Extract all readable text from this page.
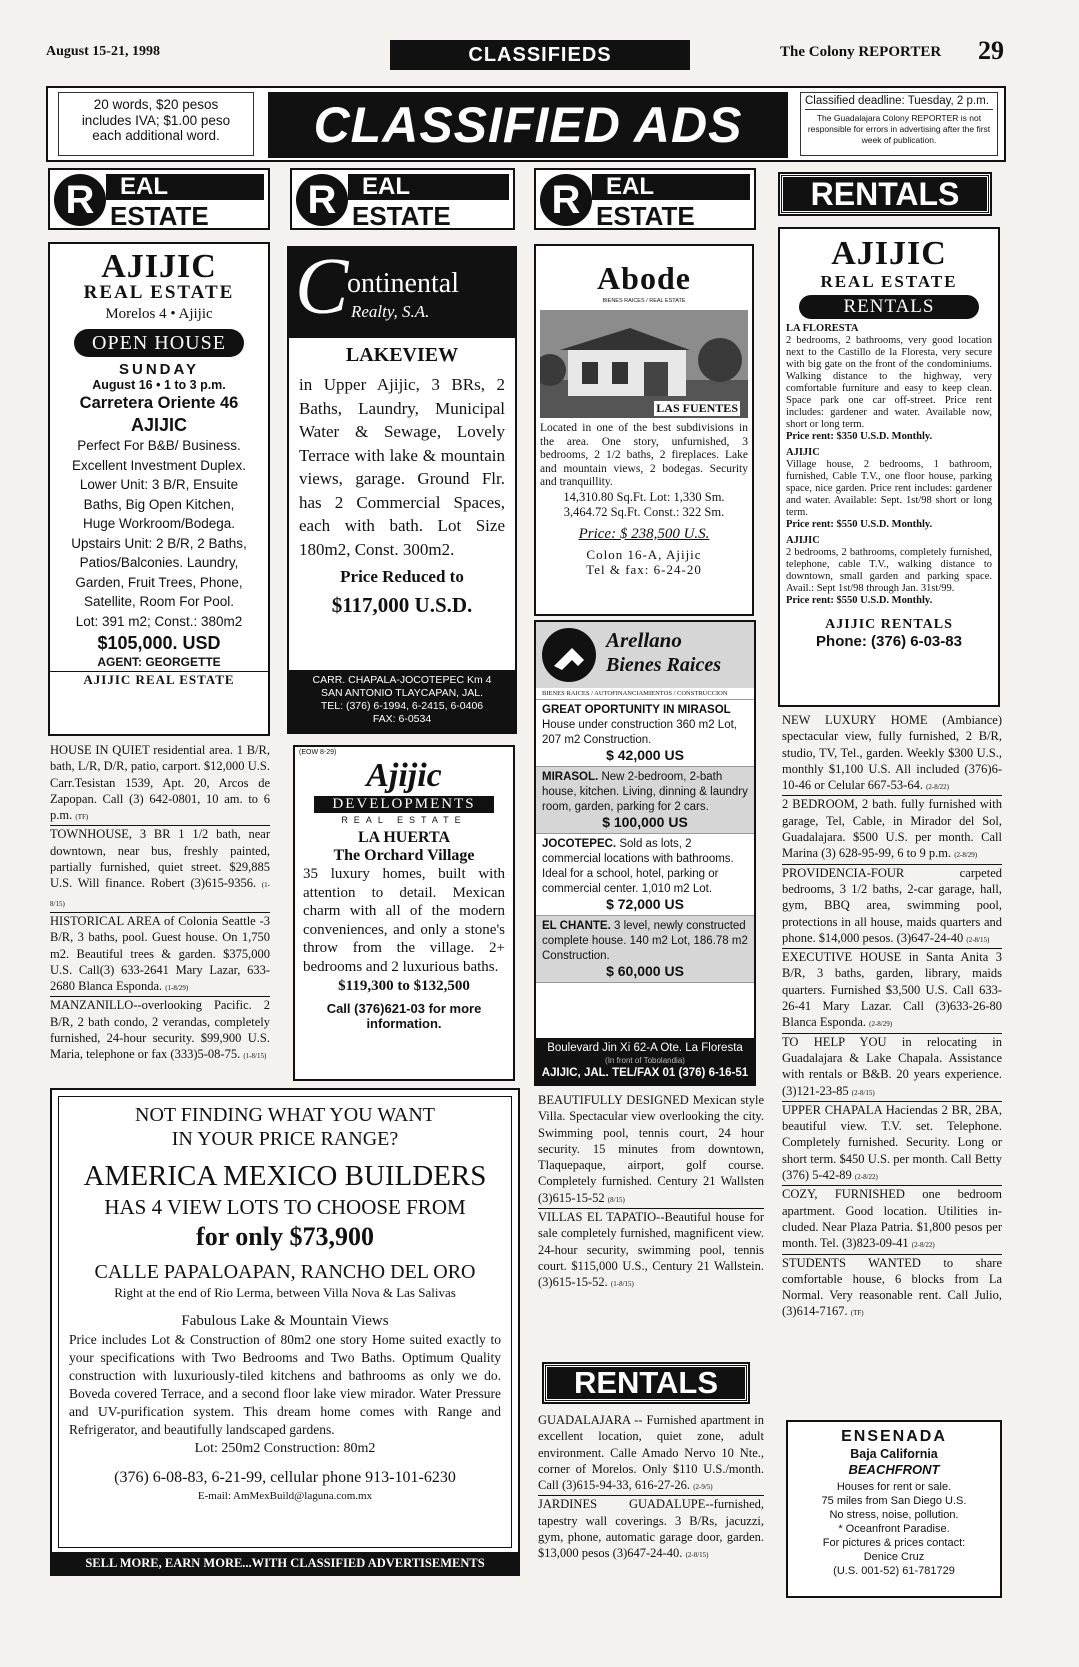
August 15-21, 1998	CLASSIFIEDS	The Colony REPORTER 29
20 words, $20 pesos
includes IVA; $1.00 peso
each additional word.	CLASSIFIED ADS	Classified deadline: Tuesday, 2 p.m.
The Guadalajara Colony REPORTER is not responsible for errors in advertising after the first week of publication.
R	EAL
ESTATE R	EAL
ESTATE	R	EAL
ESTATE
RENTALS
AJIJIC
REAL ESTATE
Morelos 4 • Ajijic
OPEN HOUSE
SUNDAY
August 16 • 1 to 3 p.m.
Carretera Oriente 46
AJIJIC
Perfect For B&B/ Business.
Excellent Investment Duplex.
Lower Unit: 3 B/R, Ensuite
Baths, Big Open Kitchen,
Huge Workroom/Bodega.
Upstairs Unit: 2 B/R, 2 Baths,
Patios/Balconies. Laundry,
Garden, Fruit Trees, Phone,
Satellite, Room For Pool.
Lot: 391 m2; Const.: 380m2
$105,000. USD
AGENT: GEORGETTE
AJIJIC REAL ESTATE

HOUSE IN QUIET residential area. 1 B/R, bath, L/R, D/R, patio, carport. $12,000 U.S. Carr.Tesistan 1539, Apt. 20, Arcos de Zapopan. Call (3) 642-0801, 10 am. to 6 p.m. (TF)

TOWNHOUSE, 3 BR 1 1/2 bath, near downtown, near bus, freshly painted, partially furnished, quiet street. $29,885 U.S. Will finance. Robert (3)615-9356. (1-8/15)

HISTORICAL AREA of Colonia Seattle -3 B/R, 3 baths, pool. Guest house. On 1,750 m2. Beautiful trees & garden. $375,000 U.S. Call(3) 633-2641 Mary Lazar, 633-2680 Blanca Esponda. (1-8/29)

MANZANILLO--overlooking Pacific. 2 B/R, 2 bath condo, 2 verandas, completely furnished, 24-hour security. $99,900 U.S. Maria, telephone or fax (333)5-08-75. (1-8/15)

C
ontinental
Realty, S.A.
LAKEVIEW
in Upper Ajijic, 3 BRs, 2 Baths, Laundry, Municipal Water & Sewage, Lovely Terrace with lake & mountain views, garage. Ground Flr. has 2 Commercial Spaces, each with bath. Lot Size 180m2, Const. 300m2.
Price Reduced to
$117,000 U.S.D.
CARR. CHAPALA-JOCOTEPEC Km 4
SAN ANTONIO TLAYCAPAN, JAL.
TEL: (376) 6-1994, 6-2415, 6-0406
FAX: 6-0534
(EOW 8-29)
Ajijic
DEVELOPMENTS
REAL ESTATE
LA HUERTA
The Orchard Village
35 luxury homes, built with attention to detail. Mexican charm with all of the modern conveniences, and only a stone's throw from the village. 2+ bedrooms and 2 luxurious baths.
$119,300 to $132,500
Call (376)621-03 for more information.
NOT FINDING WHAT YOU WANT
IN YOUR PRICE RANGE?
AMERICA MEXICO BUILDERS
HAS 4 VIEW LOTS TO CHOOSE FROM
for only $73,900
CALLE PAPALOAPAN, RANCHO DEL ORO
Right at the end of Rio Lerma, between Villa Nova & Las Salivas
Fabulous Lake & Mountain Views
Price includes Lot & Construction of 80m2 one story Home suited exactly to your specifications with Two Bedrooms and Two Baths. Optimum Quality construction with luxuriously-tiled kitchens and bathrooms as only we do. Boveda covered Terrace, and a second floor lake view mirador. Water Pressure and UV-purification system. This dream home comes with Range and Refrigerator, and beautifully landscaped gardens.
Lot: 250m2 Construction: 80m2
(376) 6-08-83, 6-21-99, cellular phone 913-101-6230
E-mail: AmMexBuild@laguna.com.mx
SELL MORE, EARN MORE...WITH CLASSIFIED ADVERTISEMENTS
Abode
BIENES RAICES / REAL ESTATE
LAS FUENTES
Located in one of the best subdivisions in the area. One story, unfurnished, 3 bedrooms, 2 1/2 baths, 2 fireplaces. Lake and mountain views, 2 bodegas. Security and tranquillity.
14,310.80 Sq.Ft. Lot: 1,330 Sm.
3,464.72 Sq.Ft. Const.: 322 Sm.
Price: $ 238,500 U.S.
Colon 16-A, Ajijic
Tel & fax: 6-24-20
Arellano
Bienes Raices
BIENES RAICES / AUTOFINANCIAMIENTOS / CONSTRUCCION
GREAT OPORTUNITY IN MIRASOL
House under construction 360 m2 Lot, 207 m2 Construction.
$ 42,000 US
MIRASOL. New 2-bedroom, 2-bath house, kitchen. Living, dinning & laundry room, garden, parking for 2 cars.
$ 100,000 US
JOCOTEPEC. Sold as lots, 2 commercial locations with bathrooms. Ideal for a school, hotel, parking or commercial center. 1,010 m2 Lot.
$ 72,000 US
EL CHANTE. 3 level, newly constructed complete house. 140 m2 Lot, 186.78 m2 Construction.
$ 60,000 US
Boulevard Jin Xi 62-A Ote. La Floresta
(In front of Tobolandia)
AJIJIC, JAL. TEL/FAX 01 (376) 6-16-51

BEAUTIFULLY DESIGNED Mexican style Villa. Spectacular view overlooking the city. Swimming pool, tennis court, 24 hour security. 15 minutes from downtown, Tlaquepaque, airport, golf course. Completely furnished. Century 21 Wallsten (3)615-15-52 (8/15)

VILLAS EL TAPATIO--Beautiful house for sale completely furnished, magnificent view. 24-hour security, swimming pool, tennis court. $115,000 U.S., Century 21 Wallstein. (3)615-15-52. (1-8/15)

RENTALS

GUADALAJARA -- Furnished apartment in excellent location, quiet zone, adult environment. Calle Amado Nervo 10 Nte., corner of Morelos. Only $110 U.S./month. Call (3)615-94-33, 616-27-26. (2-9/5)

JARDINES GUADALUPE--furnished, tapestry wall coverings. 3 B/Rs, jacuzzi, gym, phone, automatic garage door, garden. $13,000 pesos (3)647-24-40. (2-8/15)

AJIJIC
REAL ESTATE
RENTALS
LA FLORESTA
2 bedrooms, 2 bathrooms, very good location next to the Castillo de la Floresta, very secure with big gate on the front of the condominiums. Walking distance to the highway, very comfortable furniture and easy to keep clean. Space park one car off-street. Price rent includes: gardener and water. Available now, short or long term.
Price rent: $350 U.S.D. Monthly.
AJIJIC
Village house, 2 bedrooms, 1 bathroom, furnished, Cable T.V., one floor house, parking space, nice garden. Price rent includes: gardener and water. Available: Sept. 1st/98 short or long term.
Price rent: $550 U.S.D. Monthly.
AJIJIC
2 bedrooms, 2 bathrooms, completely furnished, telephone, cable T.V., walking distance to downtown, small garden and parking space. Avail.: Sept 1st/98 through Jan. 31st/99.
Price rent: $550 U.S.D. Monthly.
AJIJIC RENTALS
Phone: (376) 6-03-83

NEW LUXURY HOME (Ambiance) spectacular view, fully furnished, 2 B/R, studio, TV, Tel., garden. Weekly $300 U.S., monthly $1,100 U.S. All included (376)6-10-46 or Celular 667-53-64. (2-8/22)

2 BEDROOM, 2 bath. fully furnished with garage, Tel, Cable, in Mirador del Sol, Guadalajara. $500 U.S. per month. Call Marina (3) 628-95-99, 6 to 9 p.m. (2-8/29)

PROVIDENCIA-FOUR carpeted bedrooms, 3 1/2 baths, 2-car garage, hall, gym, BBQ area, swimming pool, protections in all house, maids quarters and phone. $14,000 pesos. (3)647-24-40 (2-8/15)

EXECUTIVE HOUSE in Santa Anita 3 B/R, 3 baths, garden, library, maids quarters. Furnished $3,500 U.S. Call 633-26-41 Mary Lazar. Call (3)633-26-80 Blanca Esponda. (2-8/29)

TO HELP YOU in relocating in Guadalajara & Lake Chapala. Assistance with rentals or B&B. 20 years experience. (3)121-23-85 (2-8/15)

UPPER CHAPALA Haciendas 2 BR, 2BA, beautiful view. T.V. set. Telephone. Completely furnished. Security. Long or short term. $450 U.S. per month. Call Betty (376) 5-42-89 (2-8/22)

COZY, FURNISHED one bedroom apartment. Good location. Utilities in-cluded. Near Plaza Patria. $1,800 pesos per month. Tel. (3)823-09-41 (2-8/22)

STUDENTS WANTED to share comfortable house, 6 blocks from La Normal. Very reasonable rent. Call Julio, (3)614-7167. (TF)

ENSENADA
Baja California
BEACHFRONT
Houses for rent or sale.
75 miles from San Diego U.S.
No stress, noise, pollution.
* Oceanfront Paradise.
For pictures & prices contact:
Denice Cruz
(U.S. 001-52) 61-781729
